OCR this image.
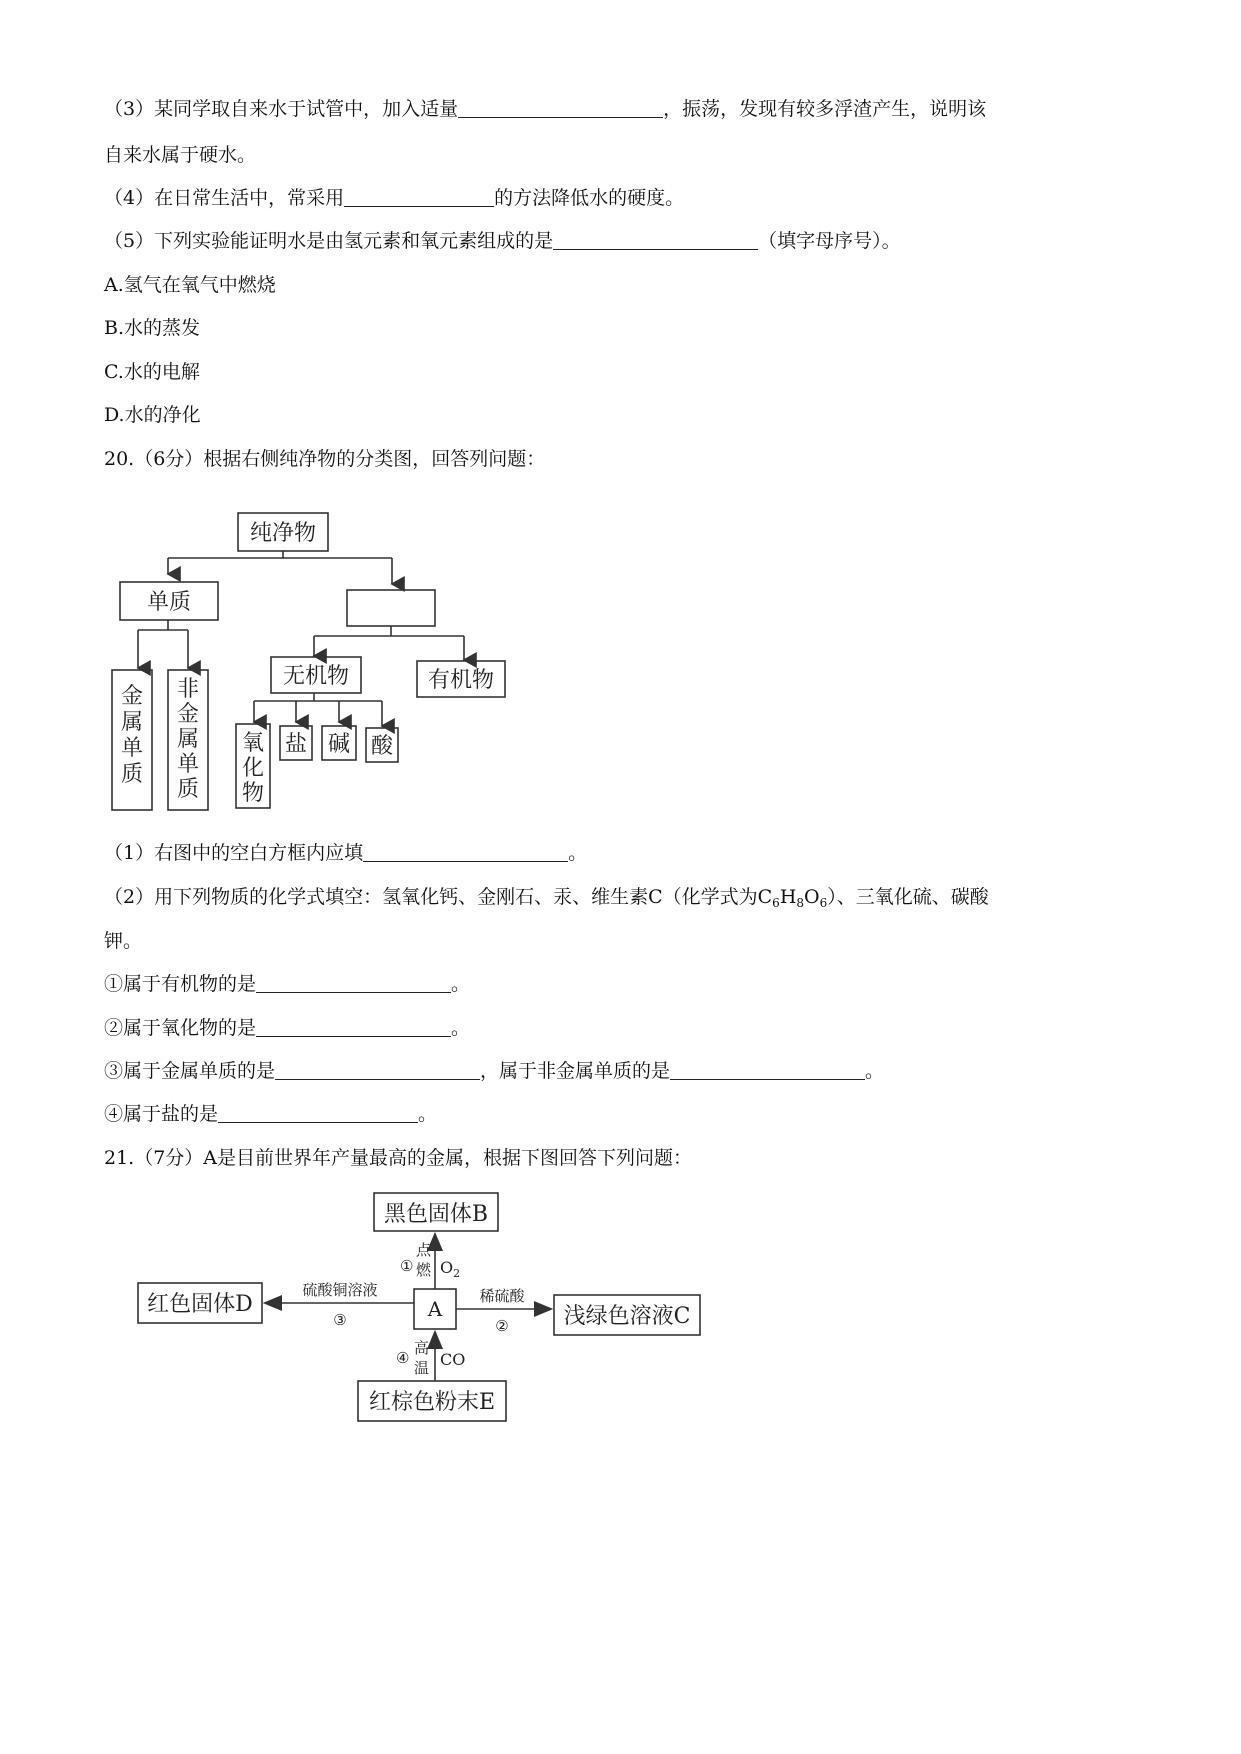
（3）某同学取自来水于试管中，加入适量	，振荡，发现有较多浮渣产生，说明该
自来水属于硬水。
（4）在日常生活中，常采用	的方法降低水的硬度。
（5）下列实验能证明水是由氢元素和氧元素组成的是	（填字母序号）。
A.氢气在氧气中燃烧
B.水的蒸发
C.水的电解
D.水的净化
20.（6分）根据右侧纯净物的分类图，回答列问题：
纯净物
单质
无机物	有机物
盐 碱 酸
金
属
单
质
非
金
属
单
质
氧
化
物
（1）右图中的空白方框内应填	。
（2）用下列物质的化学式填空：氢氧化钙、金刚石、汞、维生素C（化学式为$C_6H_8O_6$）、三氧化硫、碳酸
钾。
①属于有机物的是	。
②属于氧化物的是	。
③属于金属单质的是	，属于非金属单质的是	。
④属于盐的是	。
21.（7分）A是目前世界年产量最高的金属，根据下图回答下列问题：
黑色固体B
A
红色固体D	浅绿色溶液C
红棕色粉末E
①
点
燃 $O_2$
硫酸铜溶液
③
稀硫酸
②
④
高
温 CO
